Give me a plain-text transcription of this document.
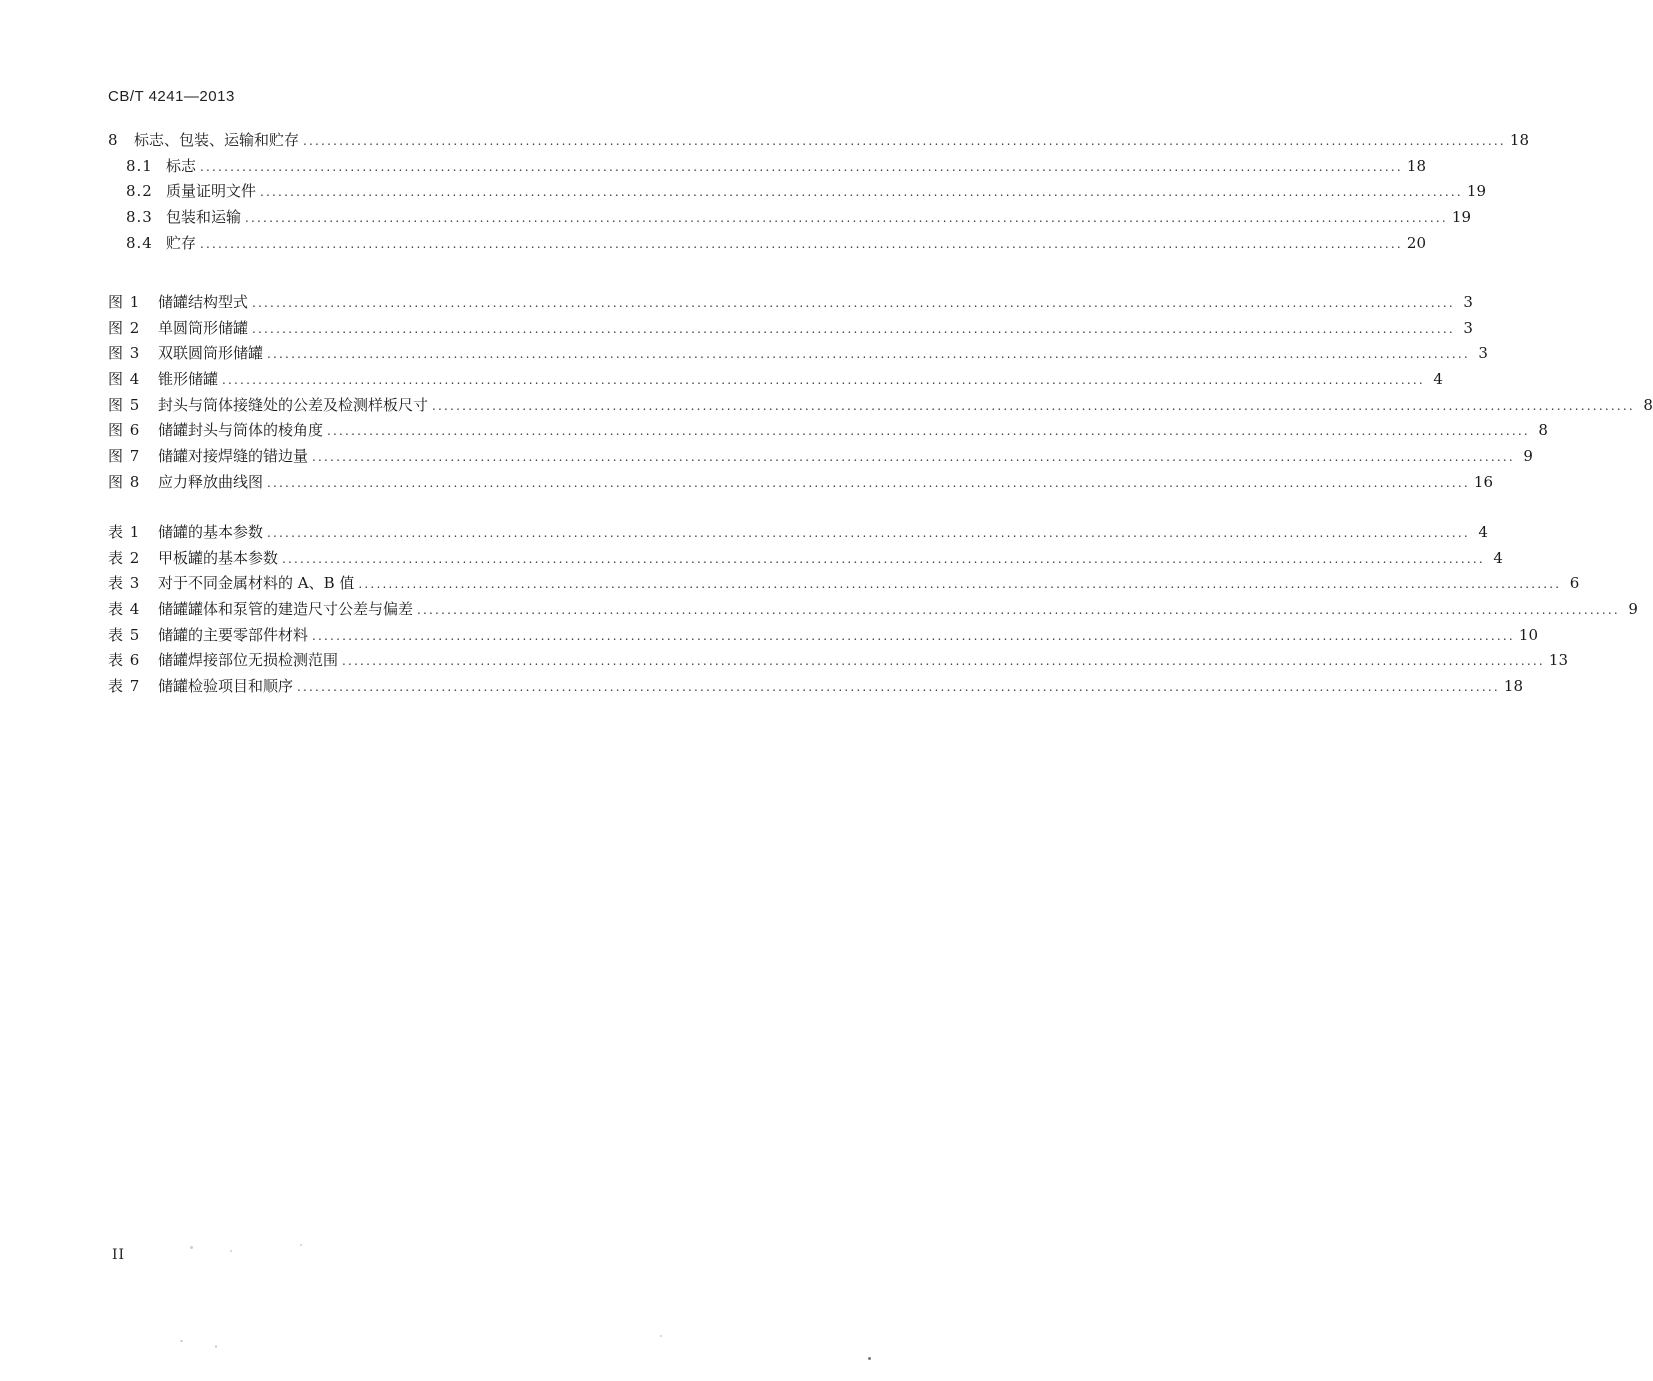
CB/T 4241—2013
8	标志、包装、运输和贮存 ........................................................................................................................................................................................................ 18
8.1 标志 ........................................................................................................................................................................................................ 18
8.2 质量证明文件 ........................................................................................................................................................................................................ 19
8.3 包装和运输 ........................................................................................................................................................................................................ 19
8.4 贮存 ........................................................................................................................................................................................................ 20
图 1	储罐结构型式 ........................................................................................................................................................................................................ 3
图 2	单圆筒形储罐 ........................................................................................................................................................................................................ 3
图 3	双联圆筒形储罐 ........................................................................................................................................................................................................ 3
图 4	锥形储罐 ........................................................................................................................................................................................................ 4
图 5	封头与筒体接缝处的公差及检测样板尺寸 ........................................................................................................................................................................................................ 8
图 6	储罐封头与筒体的棱角度 ........................................................................................................................................................................................................ 8
图 7	储罐对接焊缝的错边量 ........................................................................................................................................................................................................ 9
图 8	应力释放曲线图 ........................................................................................................................................................................................................ 16
表 1	储罐的基本参数 ........................................................................................................................................................................................................ 4
表 2	甲板罐的基本参数 ........................................................................................................................................................................................................ 4
表 3	对于不同金属材料的 A、B 值 ........................................................................................................................................................................................................ 6
表 4	储罐罐体和泵管的建造尺寸公差与偏差 ........................................................................................................................................................................................................ 9
表 5	储罐的主要零部件材料 ........................................................................................................................................................................................................ 10
表 6	储罐焊接部位无损检测范围 ........................................................................................................................................................................................................ 13
表 7	储罐检验项目和顺序 ........................................................................................................................................................................................................ 18
II
